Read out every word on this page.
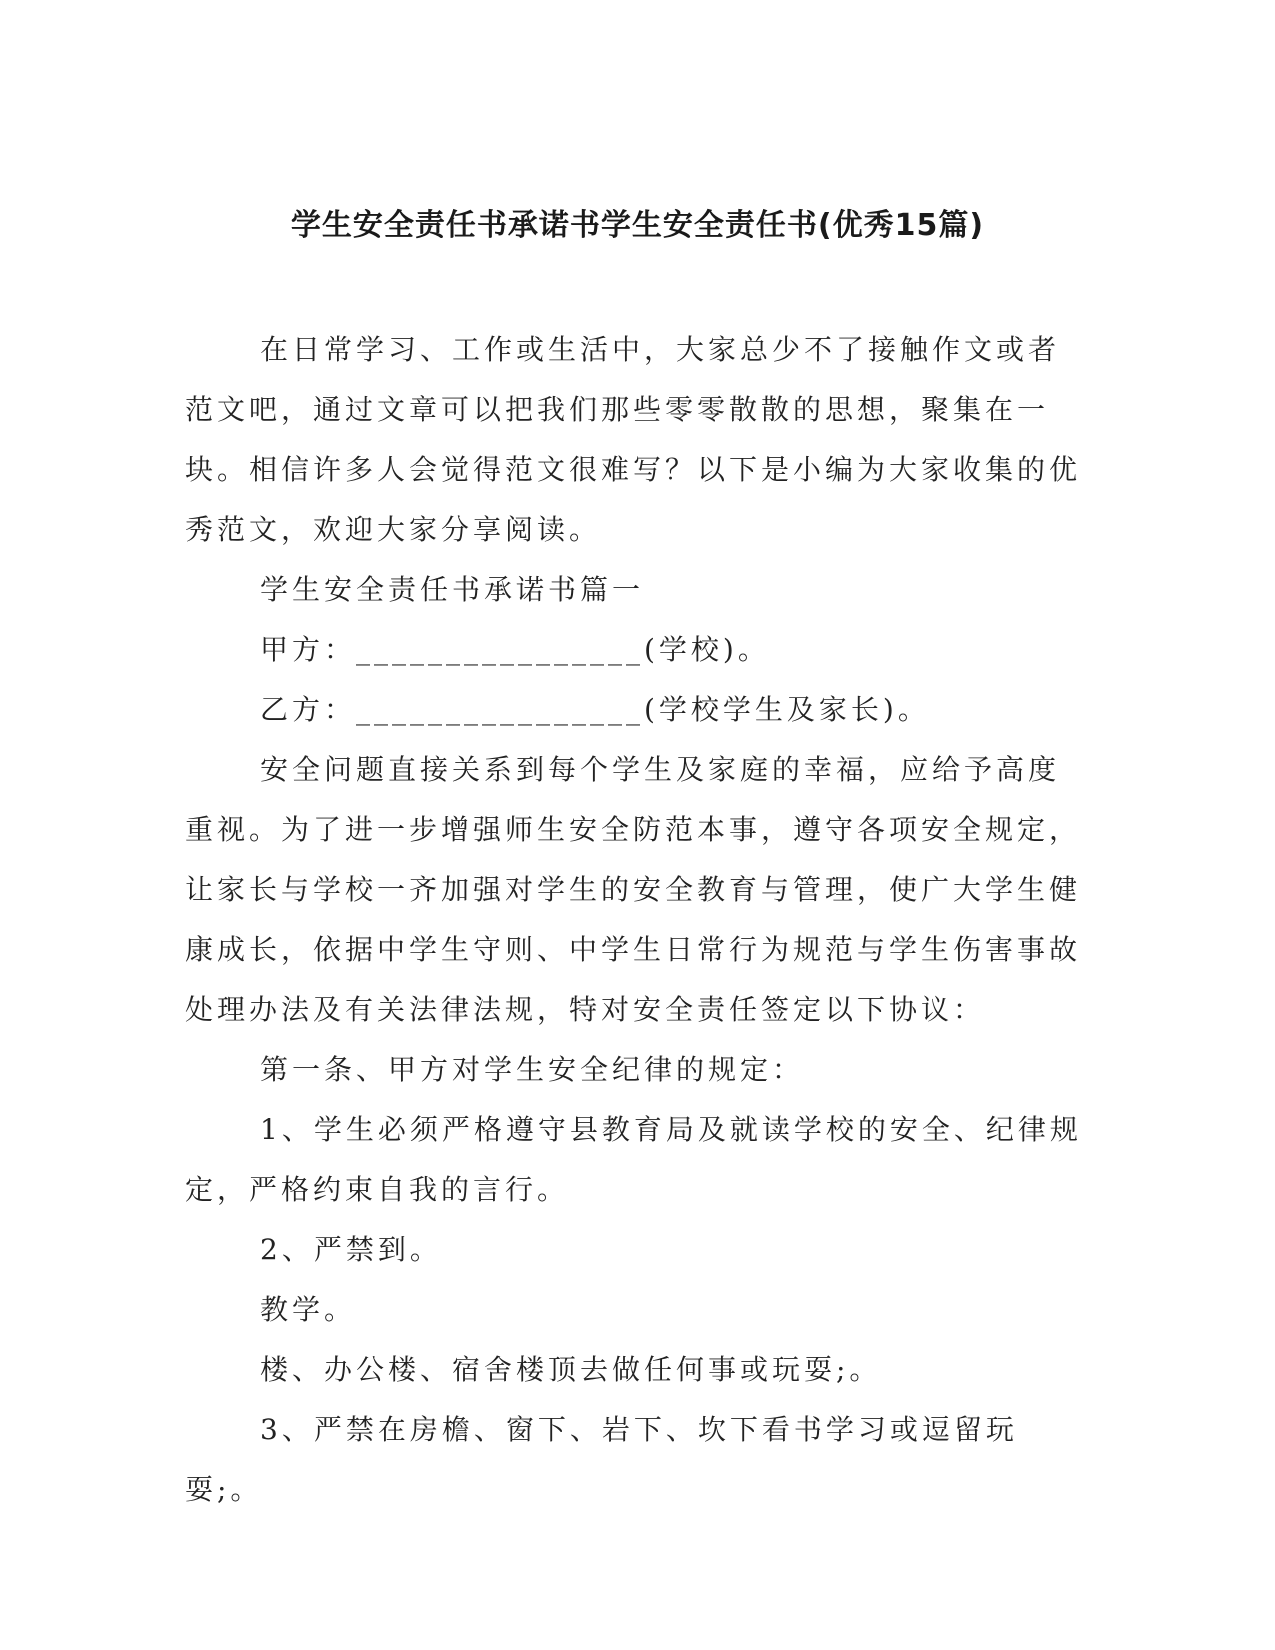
学生安全责任书承诺书学生安全责任书(优秀15篇)

在日常学习、工作或生活中，大家总少不了接触作文或者范文吧，通过文章可以把我们那些零零散散的思想，聚集在一块。相信许多人会觉得范文很难写？以下是小编为大家收集的优秀范文，欢迎大家分享阅读。

学生安全责任书承诺书篇一

甲方：________________(学校)。

乙方：________________(学校学生及家长)。

安全问题直接关系到每个学生及家庭的幸福，应给予高度重视。为了进一步增强师生安全防范本事，遵守各项安全规定，让家长与学校一齐加强对学生的安全教育与管理，使广大学生健康成长，依据中学生守则、中学生日常行为规范与学生伤害事故处理办法及有关法律法规，特对安全责任签定以下协议：

第一条、甲方对学生安全纪律的规定：

1、学生必须严格遵守县教育局及就读学校的安全、纪律规定，严格约束自我的言行。

2、严禁到。

教学。

楼、办公楼、宿舍楼顶去做任何事或玩耍;。

3、严禁在房檐、窗下、岩下、坎下看书学习或逗留玩耍;。
